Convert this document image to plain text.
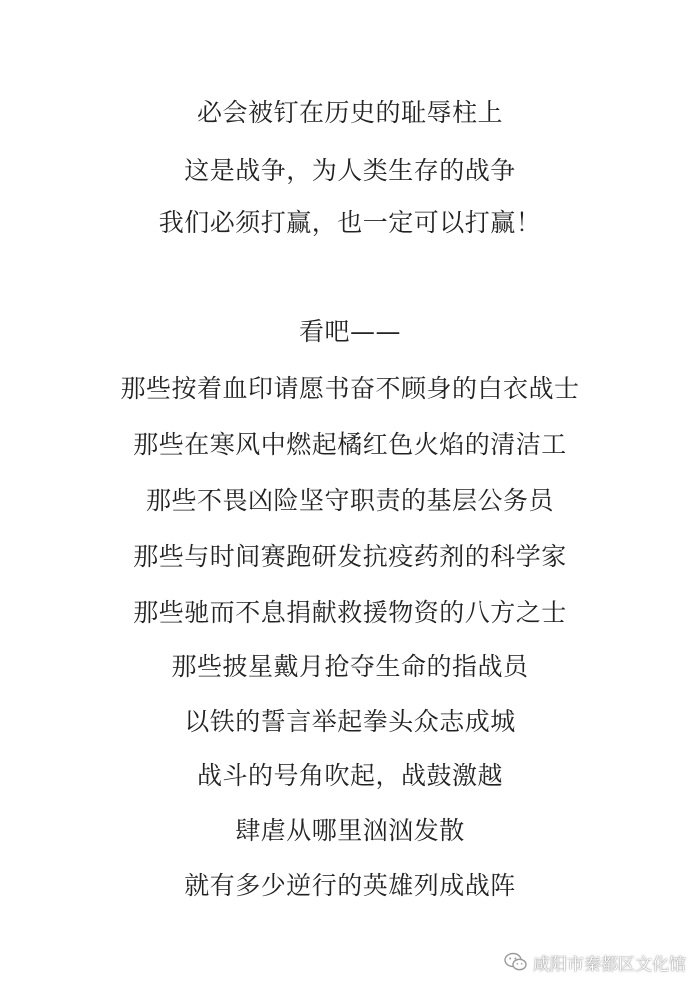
必会被钉在历史的耻辱柱上
这是战争，为人类生存的战争
我们必须打赢，也一定可以打赢！
看吧——
那些按着血印请愿书奋不顾身的白衣战士
那些在寒风中燃起橘红色火焰的清洁工
那些不畏凶险坚守职责的基层公务员
那些与时间赛跑研发抗疫药剂的科学家
那些驰而不息捐献救援物资的八方之士
那些披星戴月抢夺生命的指战员
以铁的誓言举起拳头众志成城
战斗的号角吹起，战鼓激越
肆虐从哪里汹汹发散
就有多少逆行的英雄列成战阵
咸阳市秦都区文化馆
